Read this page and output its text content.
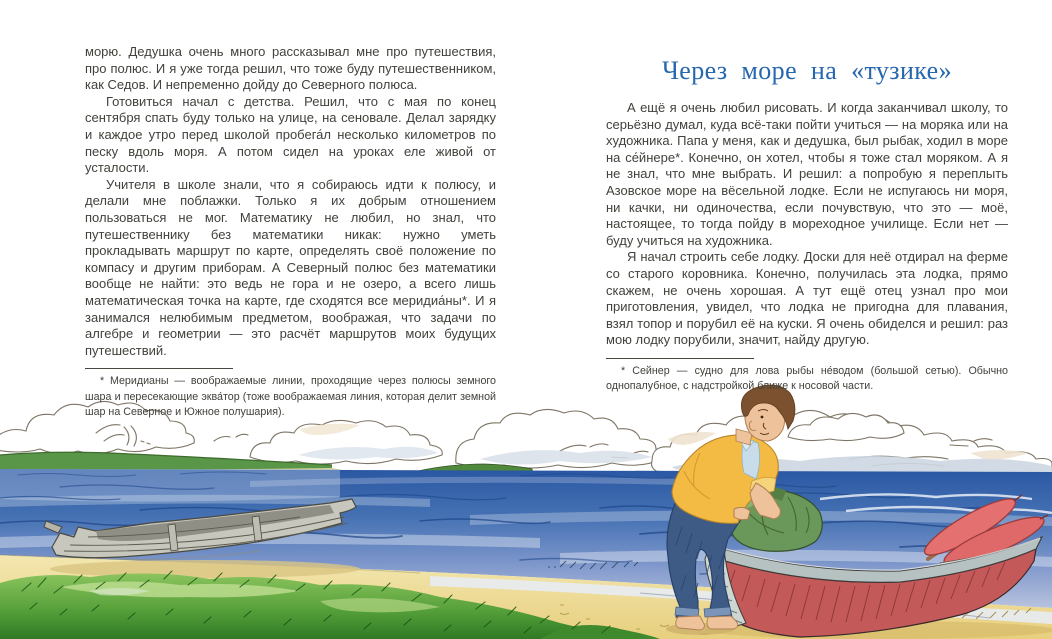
морю. Дедушка очень много рассказывал мне про путешествия, про полюс. И я уже тогда решил, что тоже буду путешественником, как Седов. И непременно дойду до Северного полюса.

Готовиться начал с детства. Решил, что с мая по конец сентября спать буду только на улице, на сеновале. Делал зарядку и каждое утро перед школой пробега́л несколько километров по песку вдоль моря. А потом сидел на уроках еле живой от усталости.

Учителя в школе знали, что я собираюсь идти к полюсу, и делали мне поблажки. Только я их добрым отношением пользоваться не мог. Математику не любил, но знал, что путешественнику без математики никак: нужно уметь прокладывать маршрут по карте, определять своё положение по компасу и другим приборам. А Северный полюс без математики вообще не найти: это ведь не гора и не озеро, а всего лишь математическая точка на карте, где сходятся все меридиа́ны*. И я занимался нелюбимым предметом, воображая, что задачи по алгебре и геометрии — это расчёт маршрутов моих будущих путешествий.

* Меридианы — воображаемые линии, проходящие через полюсы земного шара и пересекающие эква́тор (тоже воображаемая линия, которая делит земной шар на Северное и Южное полушария).

Через море на «тузике»

А ещё я очень любил рисовать. И когда заканчивал школу, то серьёзно думал, куда всё-таки пойти учиться — на моряка или на художника. Папа у меня, как и дедушка, был рыбак, ходил в море на се́йнере*. Конечно, он хотел, чтобы я тоже стал моряком. А я не знал, что мне выбрать. И решил: а попробую я переплыть Азовское море на вёсельной лодке. Если не испугаюсь ни моря, ни качки, ни одиночества, если почувствую, что это — моё, настоящее, то тогда пойду в мореходное училище. Если нет — буду учиться на художника.

Я начал строить себе лодку. Доски для неё отдирал на ферме со старого коровника. Конечно, получилась эта лодка, прямо скажем, не очень хорошая. А тут ещё отец узнал про мои приготовления, увидел, что лодка не пригодна для плавания, взял топор и порубил её на куски. Я очень обиделся и решил: раз мою лодку порубили, значит, найду другую.

* Сейнер — судно для лова рыбы не́водом (большой сетью). Обычно однопалубное, с надстройкой ближе к носовой части.
